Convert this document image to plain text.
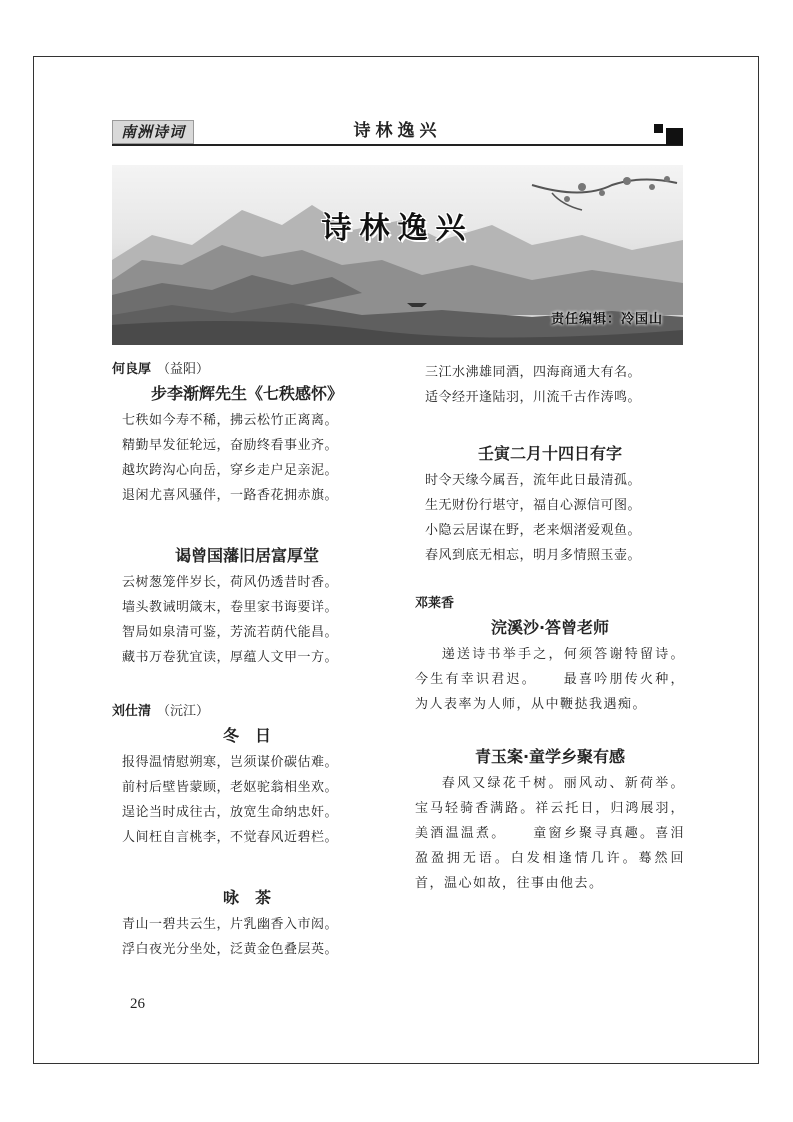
南洲诗词	诗林逸兴
诗林逸兴
责任编辑：冷国山
何良厚 （益阳）
步李渐辉先生《七秩感怀》
七秩如今寿不稀，拂云松竹正离离。
精勤早发征轮远，奋励终看事业齐。
越坎跨沟心向岳，穿乡走户足亲泥。
退闲尤喜风骚伴，一路香花拥赤旗。
谒曾国藩旧居富厚堂
云树葱笼伴岁长，荷风仍透昔时香。
墙头教诫明箴末，卷里家书诲要详。
智局如泉清可鉴，芳流若荫代能昌。
藏书万卷犹宜读，厚蕴人文甲一方。
刘仕清 （沅江）
冬　日
报得温情慰朔寒，岂须谋价碳估难。
前村后壁皆蒙顾，老妪驼翁相坐欢。
逞论当时成往古，放宽生命纳忠奸。
人间枉自言桃李，不觉春风近碧栏。
咏　茶
青山一碧共云生，片乳幽香入市闳。
浮白夜光分坐处，泛黄金色叠层英。
三江水沸雄同酒，四海商通大有名。
适令经开逢陆羽，川流千古作涛鸣。
壬寅二月十四日有字
时令天缘今属吾，流年此日最清孤。
生无财份行堪守，福自心源信可图。
小隐云居谋在野，老来烟渚爱观鱼。
春风到底无相忘，明月多情照玉壶。
邓莱香
浣溪沙·答曾老师
递送诗书举手之，何须答谢特留诗。今生有幸识君迟。 最喜吟朋传火种，为人表率为人师，从中鞭挞我遇痴。
青玉案·童学乡聚有感
春风又绿花千树。丽风动、新荷举。宝马轻骑香满路。祥云托日，归鸿展羽，美酒温温煮。 童窗乡聚寻真趣。喜泪盈盈拥无语。白发相逢情几许。蓦然回首，温心如故，往事由他去。
26
